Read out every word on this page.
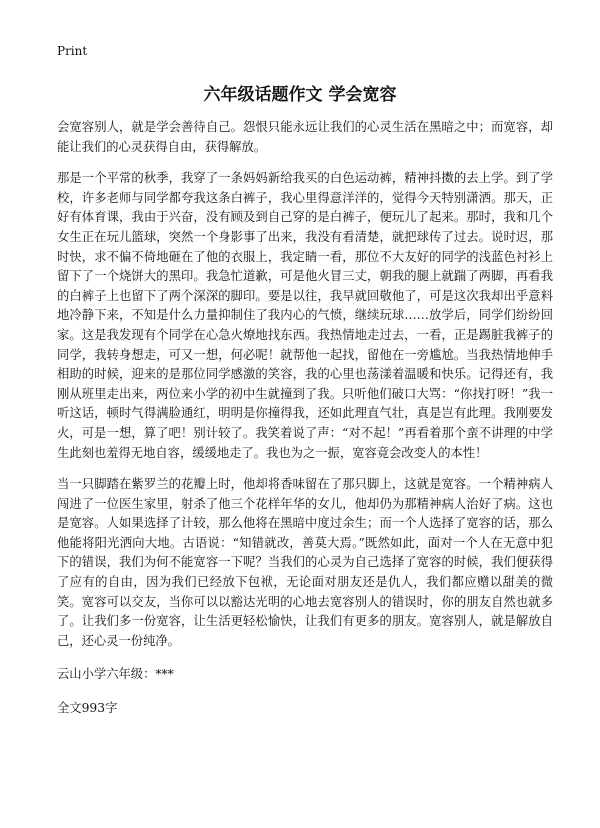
Print
六年级话题作文 学会宽容

会宽容别人，就是学会善待自己。怨恨只能永远让我们的心灵生活在黑暗之中；而宽容，却能让我们的心灵获得自由，获得解放。

那是一个平常的秋季，我穿了一条妈妈新给我买的白色运动裤，精神抖擞的去上学。到了学校，许多老师与同学都夸我这条白裤子，我心里得意洋洋的，觉得今天特别潇洒。那天，正好有体育课，我由于兴奋，没有顾及到自己穿的是白裤子，便玩儿了起来。那时，我和几个女生正在玩儿篮球，突然一个身影事了出来，我没有看清楚，就把球传了过去。说时迟，那时快，求不偏不倚地砸在了他的衣服上，我定睛一看，那位不大友好的同学的浅蓝色衬衫上留下了一个烧饼大的黑印。我急忙道歉，可是他火冒三丈，朝我的腿上就踹了两脚，再看我的白裤子上也留下了两个深深的脚印。要是以往，我早就回敬他了，可是这次我却出乎意料地冷静下来，不知是什么力量抑制住了我内心的气愤，继续玩球……放学后，同学们纷纷回家。这是我发现有个同学在心急火燎地找东西。我热情地走过去，一看，正是踢脏我裤子的同学，我转身想走，可又一想，何必呢！就帮他一起找，留他在一旁尴尬。当我热情地伸手相助的时候，迎来的是那位同学感激的笑容，我的心里也荡漾着温暖和快乐。记得还有，我刚从班里走出来，两位来小学的初中生就撞到了我。只听他们破口大骂：“你找打呀！”我一听这话，顿时气得满脸通红，明明是你撞得我，还如此理直气壮，真是岂有此理。我刚要发火，可是一想，算了吧！别计较了。我笑着说了声：“对不起！”再看着那个蛮不讲理的中学生此刻也羞得无地自容，缓缓地走了。我也为之一振，宽容竟会改变人的本性！

当一只脚踏在紫罗兰的花瓣上时，他却将香味留在了那只脚上，这就是宽容。一个精神病人闯进了一位医生家里，射杀了他三个花样年华的女儿，他却仍为那精神病人治好了病。这也是宽容。人如果选择了计较，那么他将在黑暗中度过余生；而一个人选择了宽容的话，那么他能将阳光洒向大地。古语说：“知错就改，善莫大焉。”既然如此，面对一个人在无意中犯下的错误，我们为何不能宽容一下呢？当我们的心灵为自己选择了宽容的时候，我们便获得了应有的自由，因为我们已经放下包袱，无论面对朋友还是仇人，我们都应赠以甜美的微笑。宽容可以交友，当你可以以豁达光明的心地去宽容别人的错误时，你的朋友自然也就多了。让我们多一份宽容，让生活更轻松愉快，让我们有更多的朋友。宽容别人，就是解放自己，还心灵一份纯净。

云山小学六年级：***

全文993字
